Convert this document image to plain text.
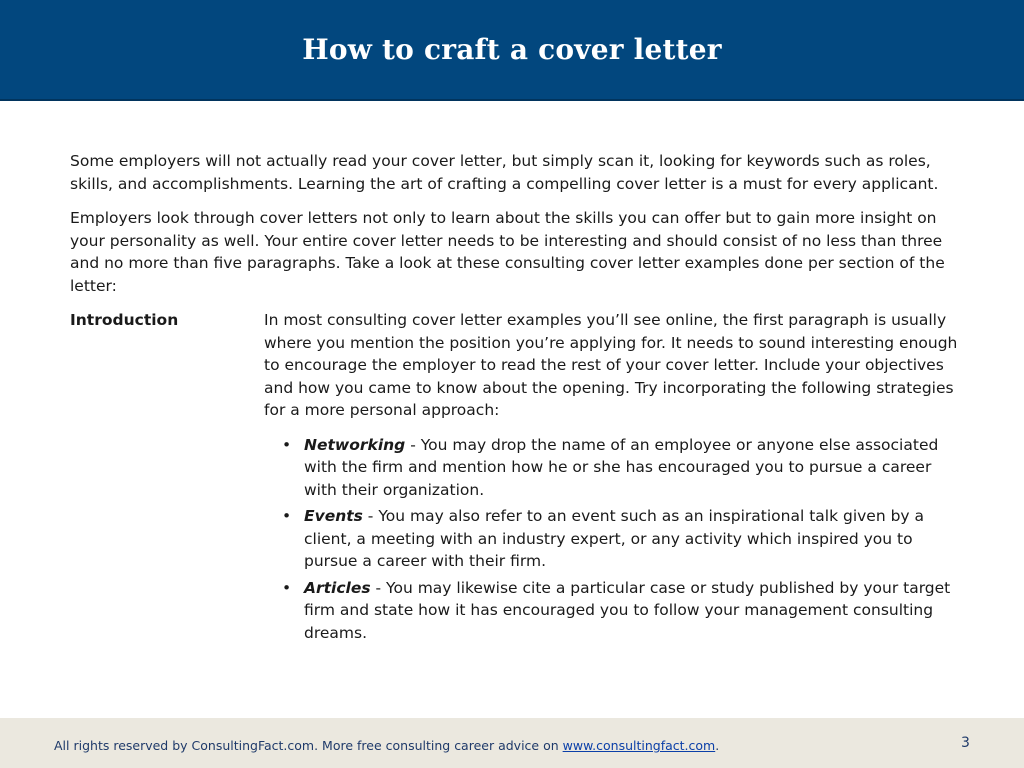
How to craft a cover letter

Some employers will not actually read your cover letter, but simply scan it, looking for keywords such as roles, skills, and accomplishments. Learning the art of crafting a compelling cover letter is a must for every applicant.

Employers look through cover letters not only to learn about the skills you can offer but to gain more insight on your personality as well. Your entire cover letter needs to be interesting and should consist of no less than three and no more than five paragraphs. Take a look at these consulting cover letter examples done per section of the letter:

Introduction	In most consulting cover letter examples you’ll see online, the first paragraph is usually where you mention the position you’re applying for. It needs to sound interesting enough to encourage the employer to read the rest of your cover letter. Include your objectives and how you came to know about the opening. Try incorporating the following strategies for a more personal approach:
• Networking - You may drop the name of an employee or anyone else associated with the firm and mention how he or she has encouraged you to pursue a career with their organization.
• Events - You may also refer to an event such as an inspirational talk given by a client, a meeting with an industry expert, or any activity which inspired you to pursue a career with their firm.
• Articles - You may likewise cite a particular case or study published by your target firm and state how it has encouraged you to follow your management consulting dreams.
All rights reserved by ConsultingFact.com. More free consulting career advice on www.consultingfact.com.	3
